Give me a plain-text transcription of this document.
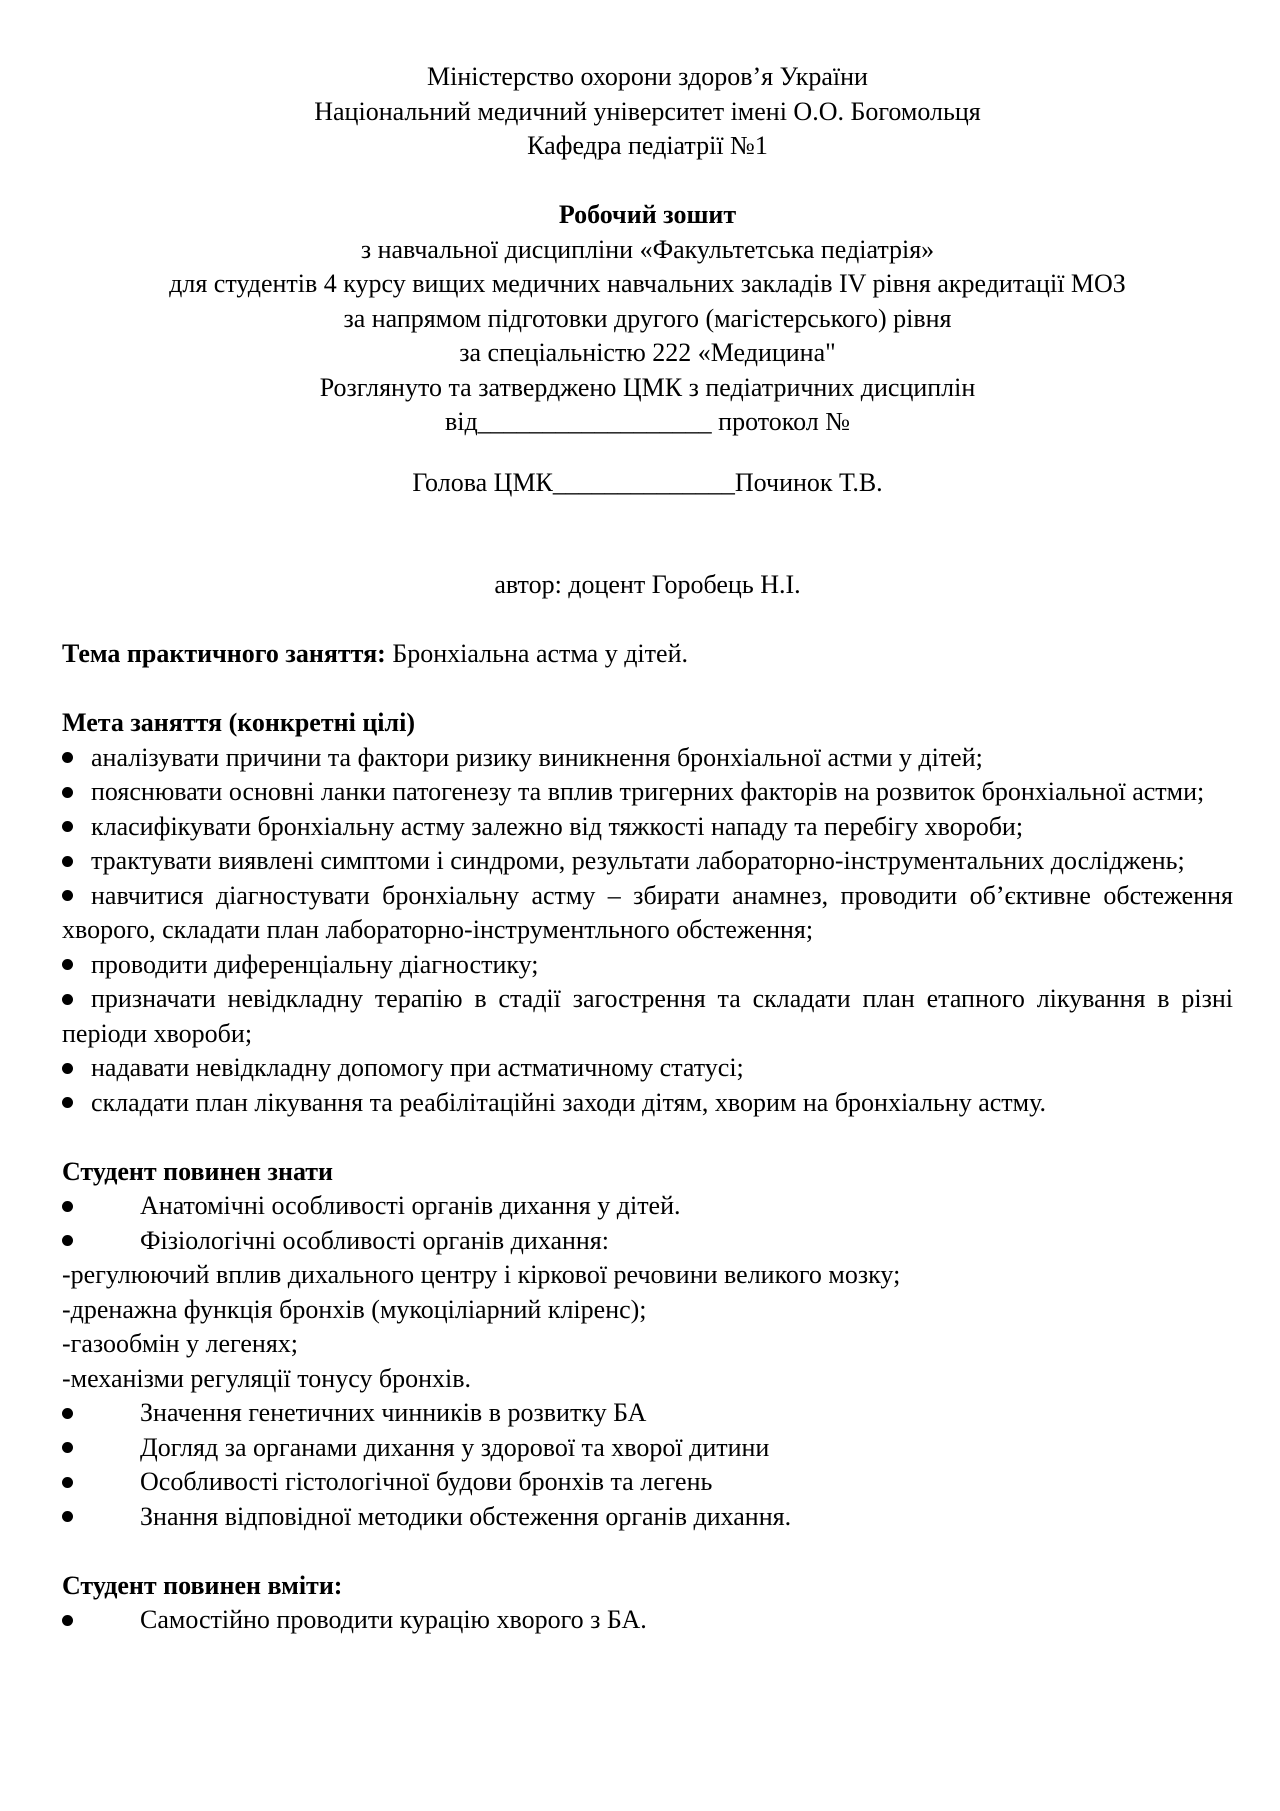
Міністерство охорони здоров’я України
Національний медичний університет імені О.О. Богомольця
Кафедра педіатрії №1
Робочий зошит
з навчальної дисципліни «Факультетська педіатрія»
для студентів 4 курсу вищих медичних навчальних закладів IV рівня акредитації МОЗ
за напрямом підготовки другого (магістерського) рівня
за спеціальністю 222 «Медицина"
Розглянуто та затверджено ЦМК з педіатричних дисциплін
від__________________ протокол №
Голова ЦМК______________Починок Т.В.
автор: доцент Горобець Н.І.
Тема практичного заняття: Бронхіальна астма у дітей.
Мета заняття (конкретні цілі)
аналізувати причини та фактори ризику виникнення бронхіальної астми у дітей;
пояснювати основні ланки патогенезу та вплив тригерних факторів на розвиток бронхіальної астми;
класифікувати бронхіальну астму залежно від тяжкості нападу та перебігу хвороби;
трактувати виявлені симптоми і синдроми, результати лабораторно-інструментальних досліджень;
навчитися діагностувати бронхіальну астму – збирати анамнез, проводити об’єктивне обстеження хворого, складати план лабораторно-інструментльного обстеження;
проводити диференціальну діагностику;
призначати невідкладну терапію в стадії загострення та складати план етапного лікування в різні періоди хвороби;
надавати невідкладну допомогу при астматичному статусі;
складати план лікування та реабілітаційні заходи дітям, хворим на бронхіальну астму.
Студент повинен знати
Анатомічні особливості органів дихання у дітей.
Фізіологічні особливості органів дихання:
-регулюючий вплив дихального центру і кіркової речовини великого мозку;
-дренажна функція бронхів (мукоціліарний кліренс);
-газообмін у легенях;
-механізми регуляції тонусу бронхів.
Значення генетичних чинників в розвитку БА
Догляд за органами дихання у здорової та хворої дитини
Особливості гістологічної будови бронхів та легень
Знання відповідної методики обстеження органів дихання.
Студент повинен вміти:
Самостійно проводити курацію хворого з БА.
